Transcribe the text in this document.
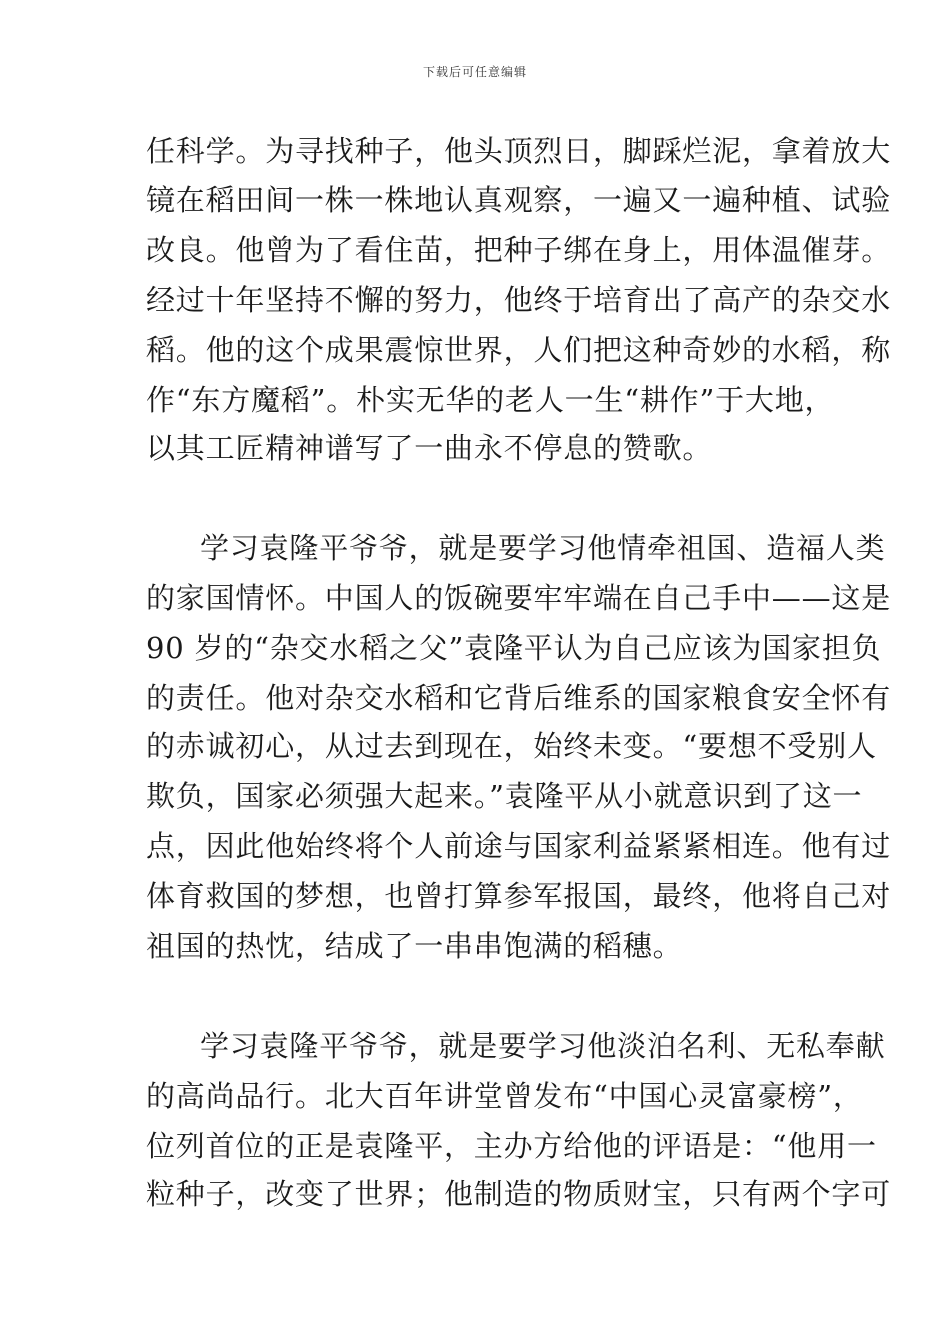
下载后可任意编辑
任科学。为寻找种子，他头顶烈日，脚踩烂泥，拿着放大
镜在稻田间一株一株地认真观察，一遍又一遍种植、试验
改良。他曾为了看住苗，把种子绑在身上，用体温催芽。
经过十年坚持不懈的努力，他终于培育出了高产的杂交水
稻。他的这个成果震惊世界，人们把这种奇妙的水稻，称
作“东方魔稻”。朴实无华的老人一生“耕作”于大地，
以其工匠精神谱写了一曲永不停息的赞歌。
学习袁隆平爷爷，就是要学习他情牵祖国、造福人类
的家国情怀。中国人的饭碗要牢牢端在自己手中——这是
90 岁的“杂交水稻之父”袁隆平认为自己应该为国家担负
的责任。他对杂交水稻和它背后维系的国家粮食安全怀有
的赤诚初心，从过去到现在，始终未变。“要想不受别人
欺负，国家必须强大起来。”袁隆平从小就意识到了这一
点，因此他始终将个人前途与国家利益紧紧相连。他有过
体育救国的梦想，也曾打算参军报国，最终，他将自己对
祖国的热忱，结成了一串串饱满的稻穗。
学习袁隆平爷爷，就是要学习他淡泊名利、无私奉献
的高尚品行。北大百年讲堂曾发布“中国心灵富豪榜”，
位列首位的正是袁隆平，主办方给他的评语是：“他用一
粒种子，改变了世界；他制造的物质财宝，只有两个字可
